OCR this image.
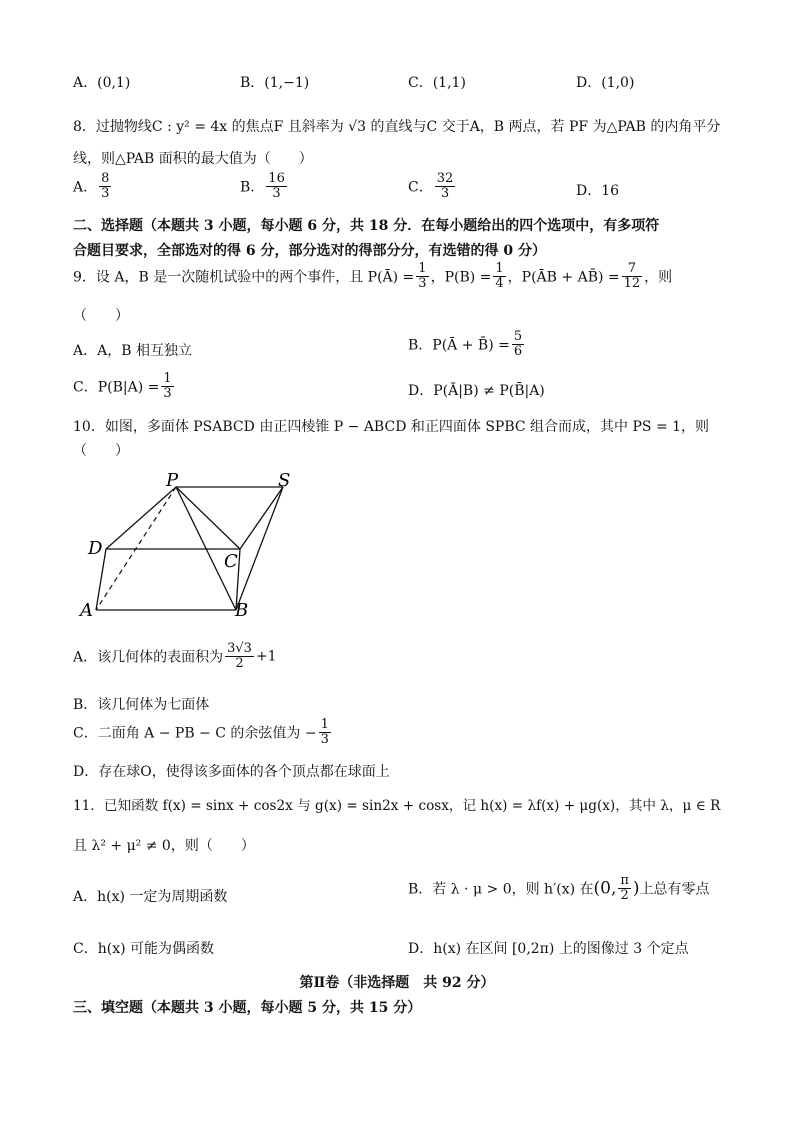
A．(0,1)	B．(1,−1)	C．(1,1)	D．(1,0)
8．过抛物线C : y² = 4x 的焦点F 且斜率为 √3 的直线与C 交于A，B 两点，若 PF 为△PAB 的内角平分
线，则△PAB 面积的最大值为（　　）
A． $\frac{8}{3}$	B． $\frac{16}{3}$	C． $\frac{32}{3}$	D．16
二、选择题（本题共 3 小题，每小题 6 分，共 18 分．在每小题给出的四个选项中，有多项符
合题目要求，全部选对的得 6 分，部分选对的得部分分，有选错的得 0 分）
9．设 A，B 是一次随机试验中的两个事件，且 P(Ā) = $\frac{1}{3}$ ，$P(B) = \frac{1}{4}$ ，P(ĀB + AB̄) = $\frac{7}{12}$ ，则
（　　）
A．A，B 相互独立	B．P(Ā + B̄) = $\frac{5}{6}$
C．$P(B|A) = \frac{1}{3}$	D．P(Ā|B) ≠ P(B̄|A)
10．如图，多面体 PSABCD 由正四棱锥 P − ABCD 和正四面体 SPBC 组合而成，其中 PS = 1，则
（　　）
P	S
D
C
A	B
A．该几何体的表面积为 $\frac{3√3}{2} +1$
B．该几何体为七面体
C．二面角 A − PB − C 的余弦值为 − $\frac{1}{3}$
D．存在球O，使得该多面体的各个顶点都在球面上
11．已知函数 f(x) = sinx + cos2x 与 g(x) = sin2x + cosx，记 h(x) = λf(x) + μg(x)，其中 λ，μ ∈ R
且 λ² + μ² ≠ 0，则（　　）
A．h(x) 一定为周期函数	B．若 λ · μ > 0，则 h′(x) 在(0, $\frac{\pi}{2}$ )上总有零点
C．h(x) 可能为偶函数	D．h(x) 在区间 [0,2π) 上的图像过 3 个定点
第Ⅱ卷（非选择题　共 92 分）
三、填空题（本题共 3 小题，每小题 5 分，共 15 分）
